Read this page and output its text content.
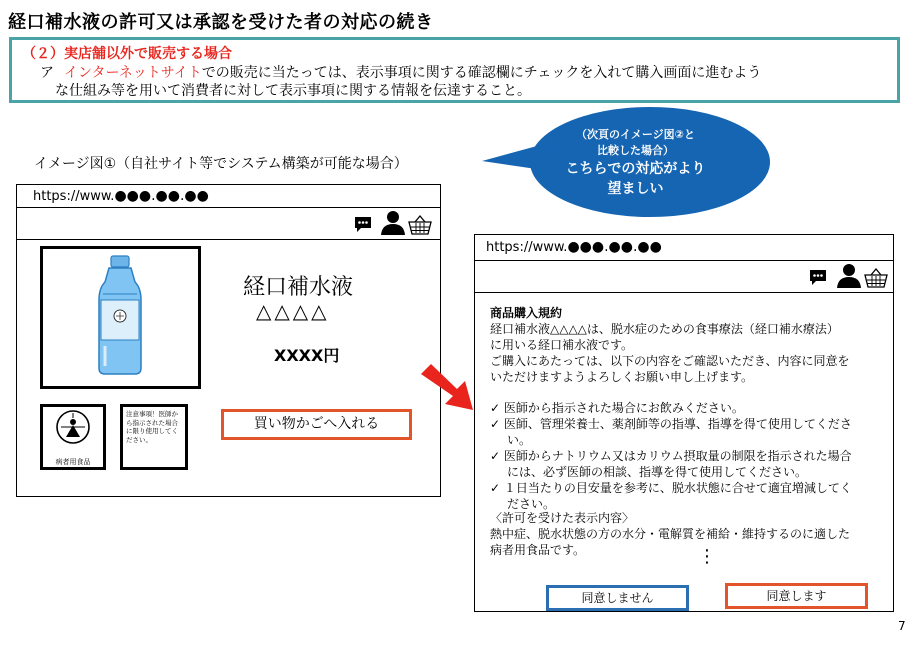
経口補水液の許可又は承認を受けた者の対応の続き
（２）実店舗以外で販売する場合
ア インターネットサイトでの販売に当たっては、表示事項に関する確認欄にチェックを入れて購入画面に進むよう
な仕組み等を用いて消費者に対して表示事項に関する情報を伝達すること。
イメージ図①（自社サイト等でシステム構築が可能な場合）
（次頁のイメージ図②と
比較した場合）
こちらでの対応がより
望ましい
https://www.●●●.●●.●●
経口補水液
△△△△
XXXX円
病者用食品
注意事項！医師から指示された場合に限り使用してください。
買い物かごへ入れる
https://www.●●●.●●.●●
商品購入規約
経口補水液△△△△は、脱水症のための食事療法（経口補水療法）
に用いる経口補水液です。
ご購入にあたっては、以下の内容をご確認いただき、内容に同意を
いただけますようよろしくお願い申し上げます。
✓ 医師から指示された場合にお飲みください。
✓ 医師、管理栄養士、薬剤師等の指導、指導を得て使用してくださ
い。
✓ 医師からナトリウム又はカリウム摂取量の制限を指示された場合
には、必ず医師の相談、指導を得て使用してください。
✓ １日当たりの目安量を参考に、脱水状態に合せて適宜増減してく
ださい。
〈許可を受けた表示内容〉
熱中症、脱水状態の方の水分・電解質を補給・維持するのに適した
病者用食品です。	⋮
同意しません	同意します
7
